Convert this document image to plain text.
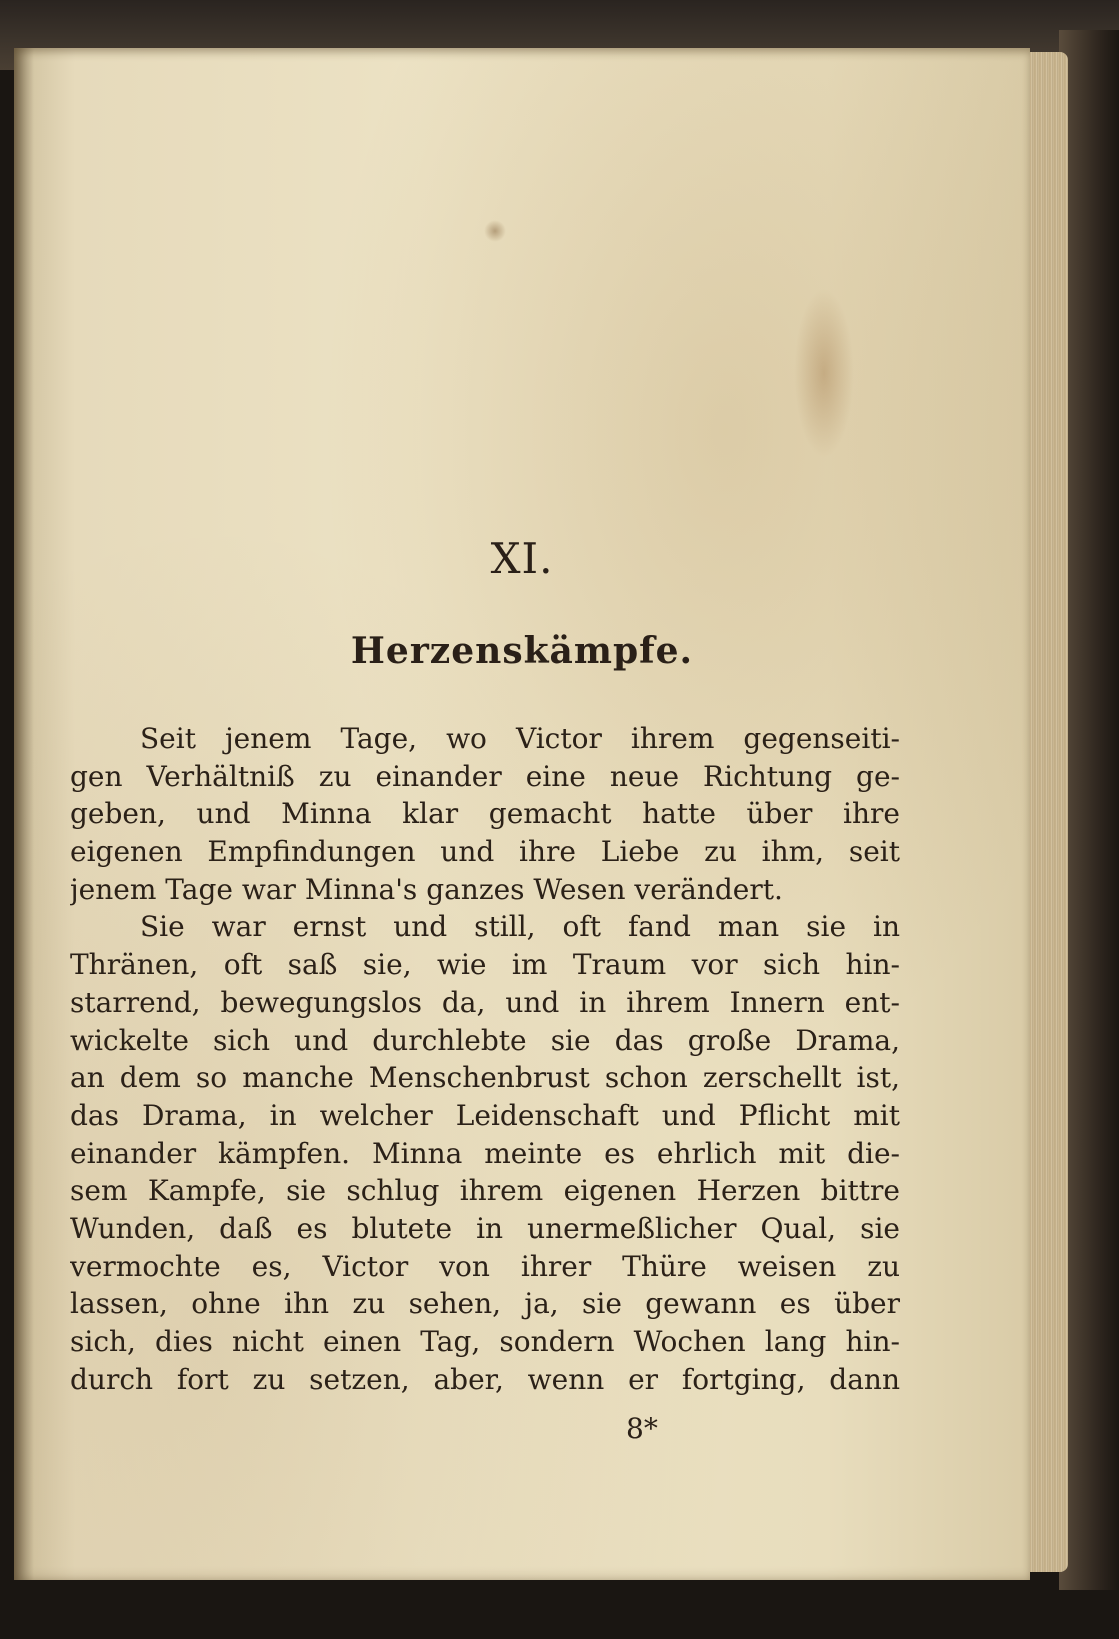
XI.
Herzenskämpfe.
Seit jenem Tage, wo Victor ihrem gegenseiti-
gen Verhältniß zu einander eine neue Richtung ge-
geben, und Minna klar gemacht hatte über ihre
eigenen Empfindungen und ihre Liebe zu ihm, seit
jenem Tage war Minna's ganzes Wesen verändert.
Sie war ernst und still, oft fand man sie in
Thränen, oft saß sie, wie im Traum vor sich hin-
starrend, bewegungslos da, und in ihrem Innern ent-
wickelte sich und durchlebte sie das große Drama,
an dem so manche Menschenbrust schon zerschellt ist,
das Drama, in welcher Leidenschaft und Pflicht mit
einander kämpfen. Minna meinte es ehrlich mit die-
sem Kampfe, sie schlug ihrem eigenen Herzen bittre
Wunden, daß es blutete in unermeßlicher Qual, sie
vermochte es, Victor von ihrer Thüre weisen zu
lassen, ohne ihn zu sehen, ja, sie gewann es über
sich, dies nicht einen Tag, sondern Wochen lang hin-
durch fort zu setzen, aber, wenn er fortging, dann
8*
